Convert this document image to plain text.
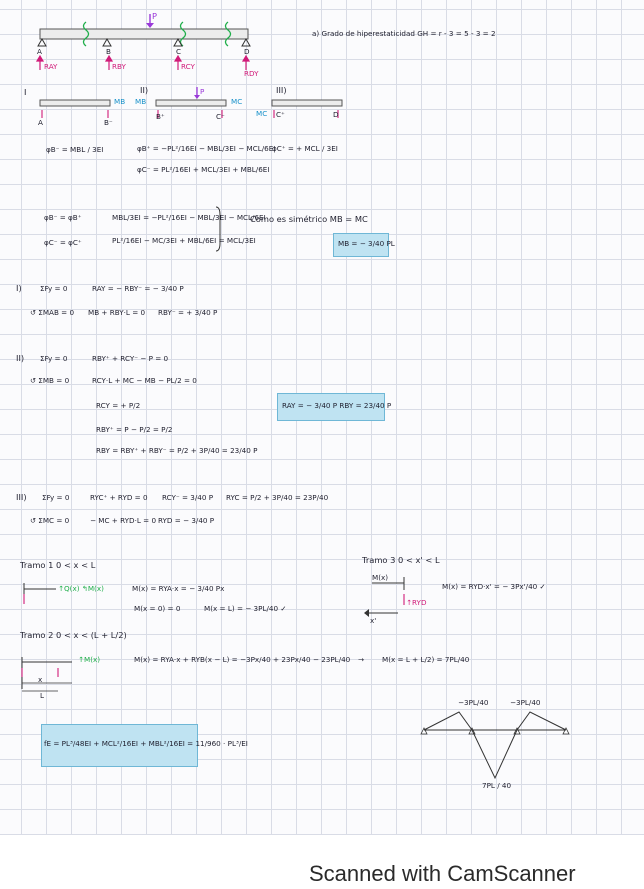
a) Grado de hiperestaticidad GH = r - 3 = 5 - 3 = 2
P
A	B	C	D
RAY	RBY	RCY
RDY
I	II)	III)
MB MB
P
MC
MC
A	B⁻
B⁺	C⁻	C⁺	D
φB⁻ = MBL / 3EI	φB⁺ = −PL²/16EI − MBL/3EI − MCL/6EI
φC⁻ = PL²/16EI + MCL/3EI + MBL/6EI
φC⁺ = + MCL / 3EI
φB⁻ = φB⁺
φC⁻ = φC⁺
MBL/3EI = −PL²/16EI − MBL/3EI − MCL/6EI
PL²/16EI − MC/3EI + MBL/6EI = MCL/3EI
Como es simétrico MB = MC
MB = − 3/40 PL
I)	ΣFy = 0	RAY = − RBY⁻ = − 3/40 P
↺ ΣMAB = 0 MB + RBY·L = 0 RBY⁻ = + 3/40 P
II) ΣFy = 0	RBY⁺ + RCY⁻ − P = 0
↺ ΣMB = 0	RCY·L + MC − MB − PL/2 = 0
RCY = + P/2
RBY⁺ = P − P/2 = P/2
RBY = RBY⁺ + RBY⁻ = P/2 + 3P/40 = 23/40 P
RAY = − 3/40 P RBY = 23/40 P
III) ΣFy = 0	RYC⁺ + RYD = 0 RCY⁻ = 3/40 P RYC = P/2 + 3P/40 = 23P/40
↺ ΣMC = 0	− MC + RYD·L = 0 RYD = − 3/40 P
Tramo 1 0 < x < L
↑Q(x) ↰M(x)	M(x) = RYA·x = − 3/40 Px
M(x = 0) = 0	M(x = L) = − 3PL/40 ✓
Tramo 3 0 < x' < L
M(x)
↑RYD
x'
M(x) = RYD·x' = − 3Px'/40 ✓
Tramo 2 0 < x < (L + L/2)
↑M(x)	M(x) = RYA·x + RYB(x − L) = −3Px/40 + 23Px/40 − 23PL/40 → M(x = L + L/2) = 7PL/40
x
L
−3PL/40	−3PL/40
7PL / 40
fE = PL³/48EI + MCL²/16EI + MBL²/16EI = 11/960 · PL³/EI
Scanned with CamScanner
